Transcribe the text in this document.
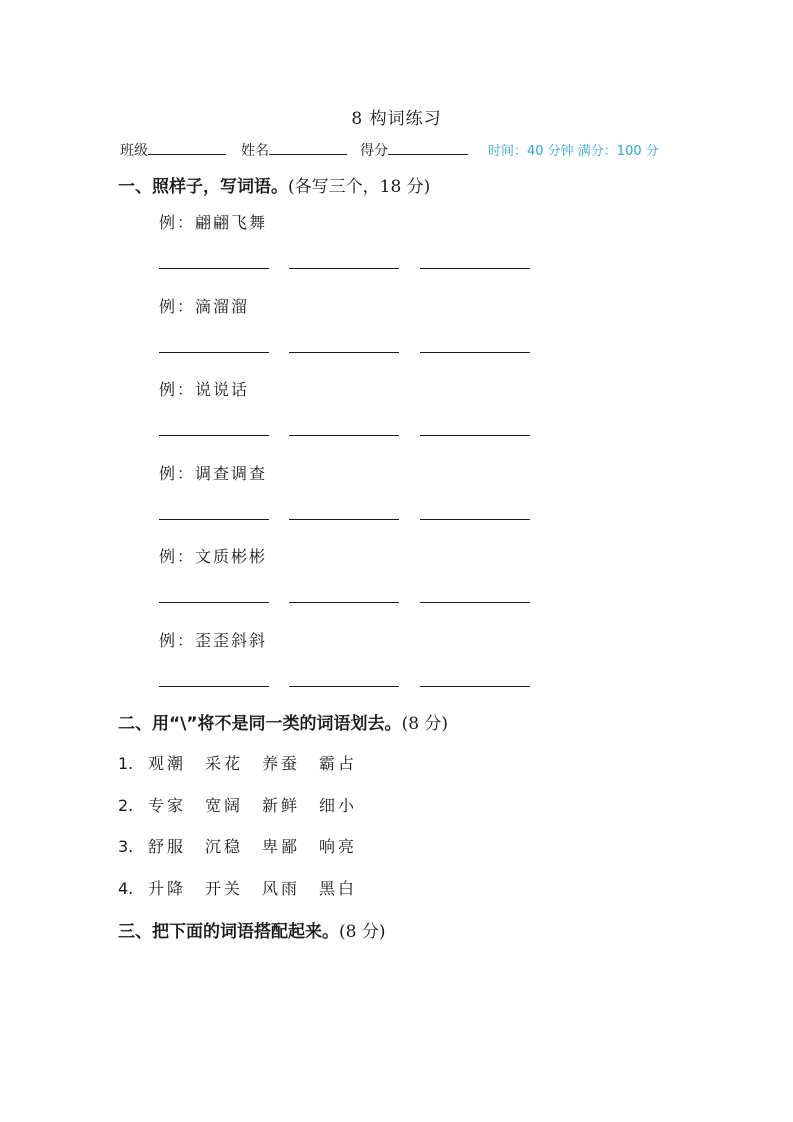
8 构词练习
班级	姓名	得分	时间：40 分钟 满分：100 分
一、照样子，写词语。(各写三个，18 分)
例：翩翩飞舞
例：滴溜溜
例：说说话
例：调查调查
例：文质彬彬
例：歪歪斜斜
二、用“\”将不是同一类的词语划去。(8 分)
1. 观潮 采花 养蚕 霸占
2. 专家 宽阔 新鲜 细小
3. 舒服 沉稳 卑鄙 响亮
4. 升降 开关 风雨 黑白
三、把下面的词语搭配起来。(8 分)
